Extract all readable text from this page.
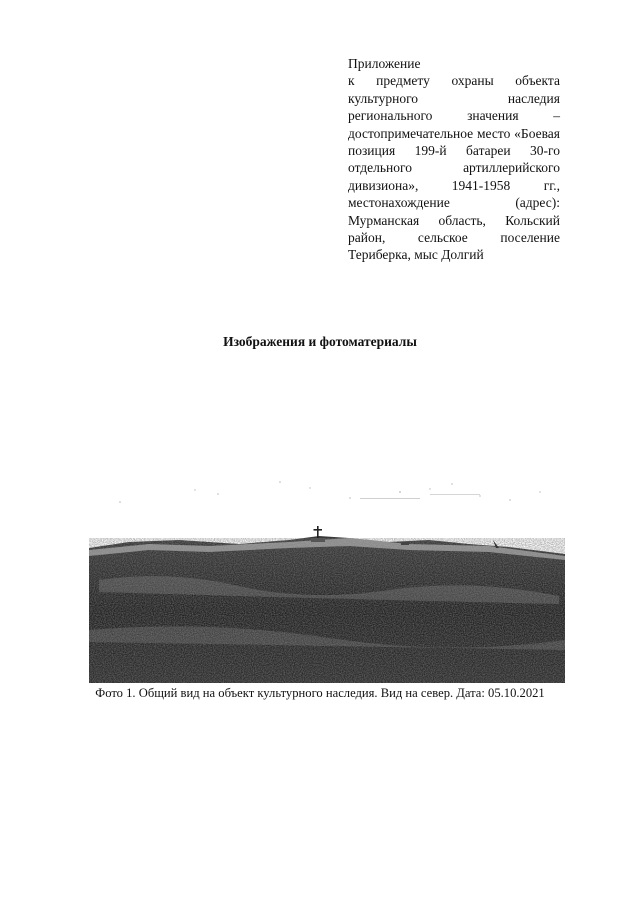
Приложение
к предмету охраны объекта культурного наследия регионального значения – достопримечательное место «Боевая позиция 199-й батареи 30-го отдельного артиллерийского дивизиона», 1941-1958 гг., местонахождение (адрес): Мурманская область, Кольский район, сельское поселение Териберка, мыс Долгий
Изображения и фотоматериалы
Фото 1. Общий вид на объект культурного наследия. Вид на север. Дата: 05.10.2021
